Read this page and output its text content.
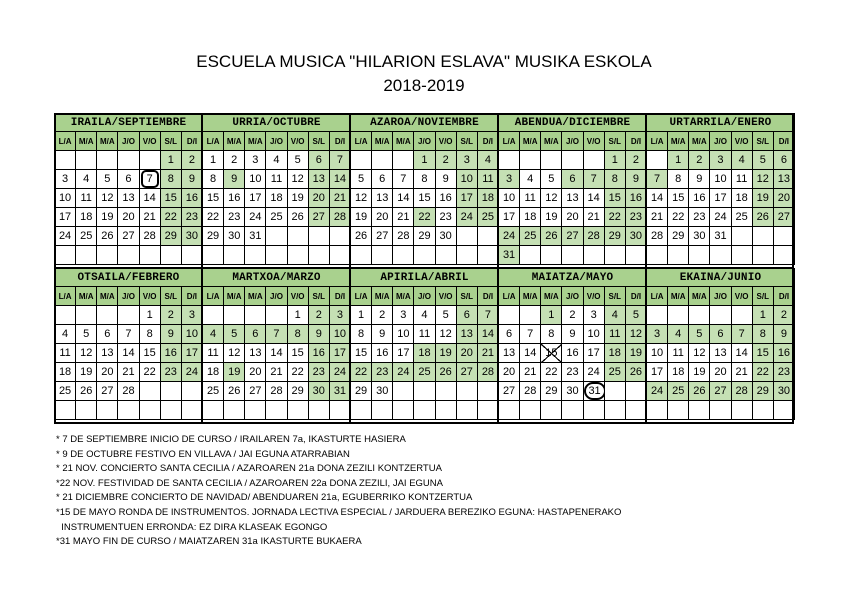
ESCUELA MUSICA "HILARION ESLAVA" MUSIKA ESKOLA
2018-2019
IRAILA/SEPTIEMBRE						
L/A	M/A	M/A	J/O	V/O	S/L	D/I
					1	2
3	4	5	6	7	8	9
10	11	12	13	14	15	16
17	18	19	20	21	22	23
24	25	26	27	28	29	30

URRIA/OCTUBRE						
L/A	M/A	M/A	J/O	V/O	S/L	D/I
1	2	3	4	5	6	7
8	9	10	11	12	13	14
15	16	17	18	19	20	21
22	23	24	25	26	27	28
29	30	31				

AZAROA/NOVIEMBRE						
L/A	M/A	M/A	J/O	V/O	S/L	D/I
			1	2	3	4
5	6	7	8	9	10	11
12	13	14	15	16	17	18
19	20	21	22	23	24	25
26	27	28	29	30		

ABENDUA/DICIEMBRE						
L/A	M/A	M/A	J/O	V/O	S/L	D/I
					1	2
3	4	5	6	7	8	9
10	11	12	13	14	15	16
17	18	19	20	21	22	23
24	25	26	27	28	29	30
31						
URTARRILA/ENERO						
L/A	M/A	M/A	J/O	V/O	S/L	D/I
	1	2	3	4	5	6
7	8	9	10	11	12	13
14	15	16	17	18	19	20
21	22	23	24	25	26	27
28	29	30	31			

OTSAILA/FEBRERO						
L/A	M/A	M/A	J/O	V/O	S/L	D/I
				1	2	3
4	5	6	7	8	9	10
11	12	13	14	15	16	17
18	19	20	21	22	23	24
25	26	27	28			

MARTXOA/MARZO						
L/A	M/A	M/A	J/O	V/O	S/L	D/I
				1	2	3
4	5	6	7	8	9	10
11	12	13	14	15	16	17
18	19	20	21	22	23	24
25	26	27	28	29	30	31

APIRILA/ABRIL						
L/A	M/A	M/A	J/O	V/O	S/L	D/I
1	2	3	4	5	6	7
8	9	10	11	12	13	14
15	16	17	18	19	20	21
22	23	24	25	26	27	28
29	30					

MAIATZA/MAYO						
L/A	M/A	M/A	J/O	V/O	S/L	D/I
		1	2	3	4	5
6	7	8	9	10	11	12
13	14	15	16	17	18	19
20	21	22	23	24	25	26
27	28	29	30	31		

EKAINA/JUNIO						
L/A	M/A	M/A	J/O	V/O	S/L	D/I
					1	2
3	4	5	6	7	8	9
10	11	12	13	14	15	16
17	18	19	20	21	22	23
24	25	26	27	28	29	30

* 7 DE SEPTIEMBRE INICIO DE CURSO / IRAILAREN 7a, IKASTURTE HASIERA
* 9 DE OCTUBRE FESTIVO EN VILLAVA / JAI EGUNA ATARRABIAN
* 21 NOV. CONCIERTO SANTA CECILIA / AZAROAREN 21a DONA ZEZILI KONTZERTUA
*22 NOV. FESTIVIDAD DE SANTA CECILIA / AZAROAREN 22a DONA ZEZILI, JAI EGUNA
* 21 DICIEMBRE CONCIERTO DE NAVIDAD/ ABENDUAREN 21a, EGUBERRIKO KONTZERTUA
*15 DE MAYO RONDA DE INSTRUMENTOS. JORNADA LECTIVA ESPECIAL / JARDUERA BEREZIKO EGUNA: HASTAPENERAKO
INSTRUMENTUEN ERRONDA: EZ DIRA KLASEAK EGONGO
*31 MAYO FIN DE CURSO / MAIATZAREN 31a IKASTURTE BUKAERA
